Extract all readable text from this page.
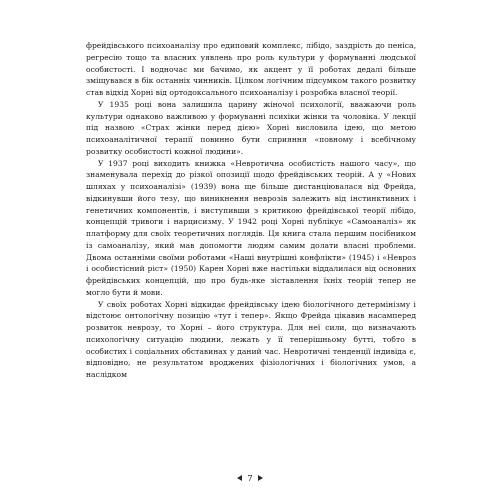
фрейдівського психоаналізу про едиповий комплекс, лібідо, заздрість до пеніса, регресію тощо та власних уявлень про роль культури у формуванні людської особистості. І водночас ми бачимо, як акцент у її роботах дедалі більше зміщувався в бік останніх чинників. Цілком логічним підсумком такого розвитку став відхід Хорні від ортодоксального психоаналізу і розробка власної теорії.

У 1935 році вона залишила царину жіночої психології, вважаючи роль культури однаково важливою у формуванні психіки жінки та чоловіка. У лекції під назвою «Страх жінки перед дією» Хорні висловила ідею, що метою психоаналітичної терапії повинно бути сприяння «повному і всебічному розвитку особистості кожної людини».

У 1937 році виходить книжка «Невротична особистість нашого часу», що знаменувала перехід до різкої опозиції щодо фрейдівських теорій. А у «Нових шляхах у психоаналізі» (1939) вона ще більше дистанціювалася від Фрейда, відкинувши його тезу, що виникнення неврозів залежить від інстинктивних і генетичних компонентів, і виступивши з критикою фрейдівської теорії лібідо, концепцій тривоги і нарцисизму. У 1942 році Хорні публікує «Самоаналіз» як платформу для своїх теоретичних поглядів. Ця книга стала першим посібником із самоаналізу, який мав допомогти людям самим долати власні проблеми. Двома останніми своїми роботами «Наші внутрішні конфлікти» (1945) і «Невроз і особистісний ріст» (1950) Карен Хорні вже настільки віддалилася від основних фрейдівських концепцій, що про будь-яке зіставлення їхніх теорій тепер не могло бути й мови.

У своїх роботах Хорні відкидає фрейдівську ідею біологічного детермінізму і відстоює онтологічну позицію «тут і тепер». Якщо Фрейда цікавив насамперед розвиток неврозу, то Хорні – його структура. Для неї сили, що визначають психологічну ситуацію людини, лежать у її теперішньому бутті, тобто в особистих і соціальних обставинах у даний час. Невротичні тенденції індивіда є, відповідно, не результатом вроджених фізіологічних і біологічних умов, а наслідком

7
